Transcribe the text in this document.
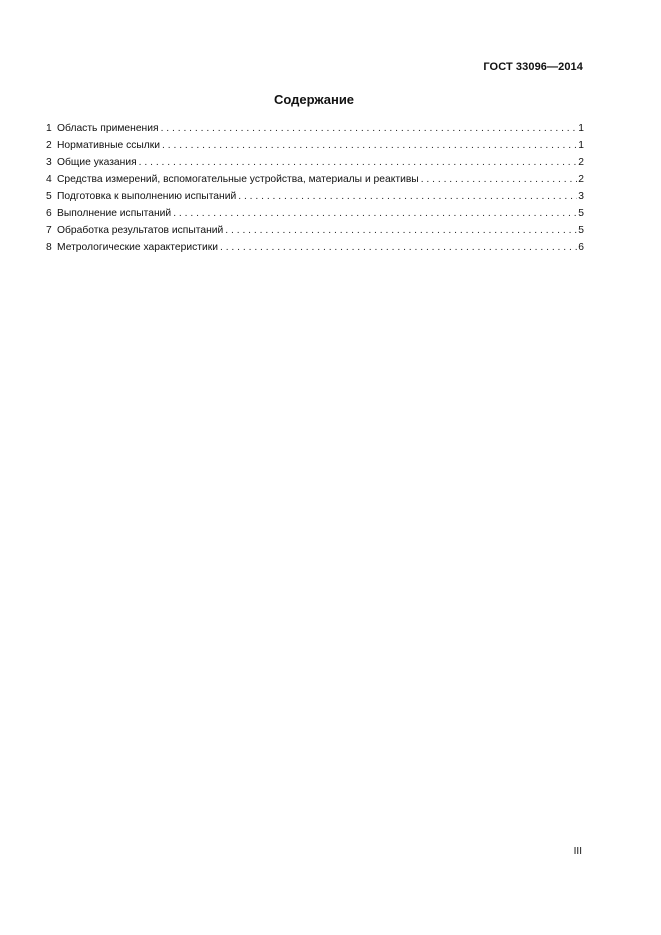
ГОСТ 33096—2014
Содержание
1 Область применения . . .	1
2 Нормативные ссылки . . .	1
3 Общие указания . . .	2
4 Средства измерений, вспомогательные устройства, материалы и реактивы . . .	2
5 Подготовка к выполнению испытаний . . .	3
6 Выполнение испытаний . . .	5
7 Обработка результатов испытаний . . .	5
8 Метрологические характеристики . . .	6
III
